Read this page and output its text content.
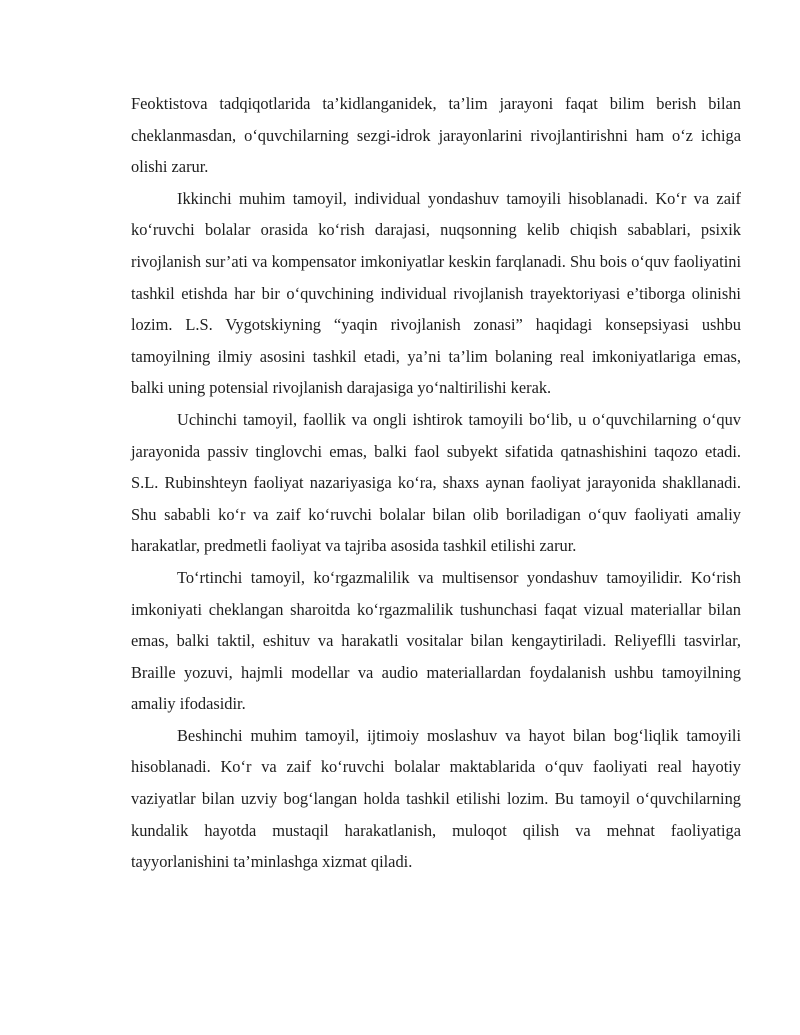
Feoktistova tadqiqotlarida ta’kidlanganidek, ta’lim jarayoni faqat bilim berish bilan cheklanmasdan, o‘quvchilarning sezgi-idrok jarayonlarini rivojlantirishni ham o‘z ichiga olishi zarur.

Ikkinchi muhim tamoyil, individual yondashuv tamoyili hisoblanadi. Ko‘r va zaif ko‘ruvchi bolalar orasida ko‘rish darajasi, nuqsonning kelib chiqish sabablari, psixik rivojlanish sur’ati va kompensator imkoniyatlar keskin farqlanadi. Shu bois o‘quv faoliyatini tashkil etishda har bir o‘quvchining individual rivojlanish trayektoriyasi e’tiborga olinishi lozim. L.S. Vygotskiyning “yaqin rivojlanish zonasi” haqidagi konsepsiyasi ushbu tamoyilning ilmiy asosini tashkil etadi, ya’ni ta’lim bolaning real imkoniyatlariga emas, balki uning potensial rivojlanish darajasiga yo‘naltirilishi kerak.

Uchinchi tamoyil, faollik va ongli ishtirok tamoyili bo‘lib, u o‘quvchilarning o‘quv jarayonida passiv tinglovchi emas, balki faol subyekt sifatida qatnashishini taqozo etadi. S.L. Rubinshteyn faoliyat nazariyasiga ko‘ra, shaxs aynan faoliyat jarayonida shakllanadi. Shu sababli ko‘r va zaif ko‘ruvchi bolalar bilan olib boriladigan o‘quv faoliyati amaliy harakatlar, predmetli faoliyat va tajriba asosida tashkil etilishi zarur.

To‘rtinchi tamoyil, ko‘rgazmalilik va multisensor yondashuv tamoyilidir. Ko‘rish imkoniyati cheklangan sharoitda ko‘rgazmalilik tushunchasi faqat vizual materiallar bilan emas, balki taktil, eshituv va harakatli vositalar bilan kengaytiriladi. Reliyeflli tasvirlar, Braille yozuvi, hajmli modellar va audio materiallardan foydalanish ushbu tamoyilning amaliy ifodasidir.

Beshinchi muhim tamoyil, ijtimoiy moslashuv va hayot bilan bog‘liqlik tamoyili hisoblanadi. Ko‘r va zaif ko‘ruvchi bolalar maktablarida o‘quv faoliyati real hayotiy vaziyatlar bilan uzviy bog‘langan holda tashkil etilishi lozim. Bu tamoyil o‘quvchilarning kundalik hayotda mustaqil harakatlanish, muloqot qilish va mehnat faoliyatiga tayyorlanishini ta’minlashga xizmat qiladi.
